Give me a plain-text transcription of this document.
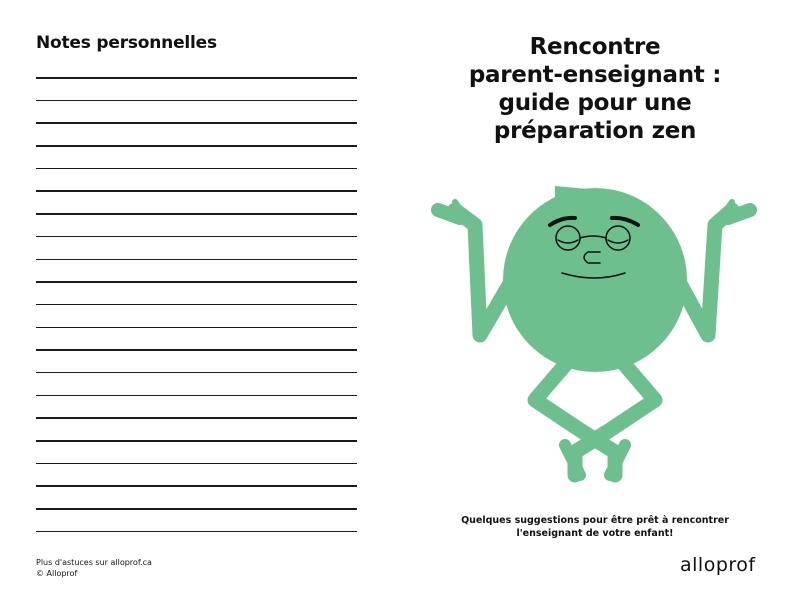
Notes personnelles
Plus d'astuces sur alloprof.ca
© Alloprof
Rencontre
parent-enseignant :
guide pour une
préparation zen
Quelques suggestions pour être prêt à rencontrer
l'enseignant de votre enfant!
alloprof
